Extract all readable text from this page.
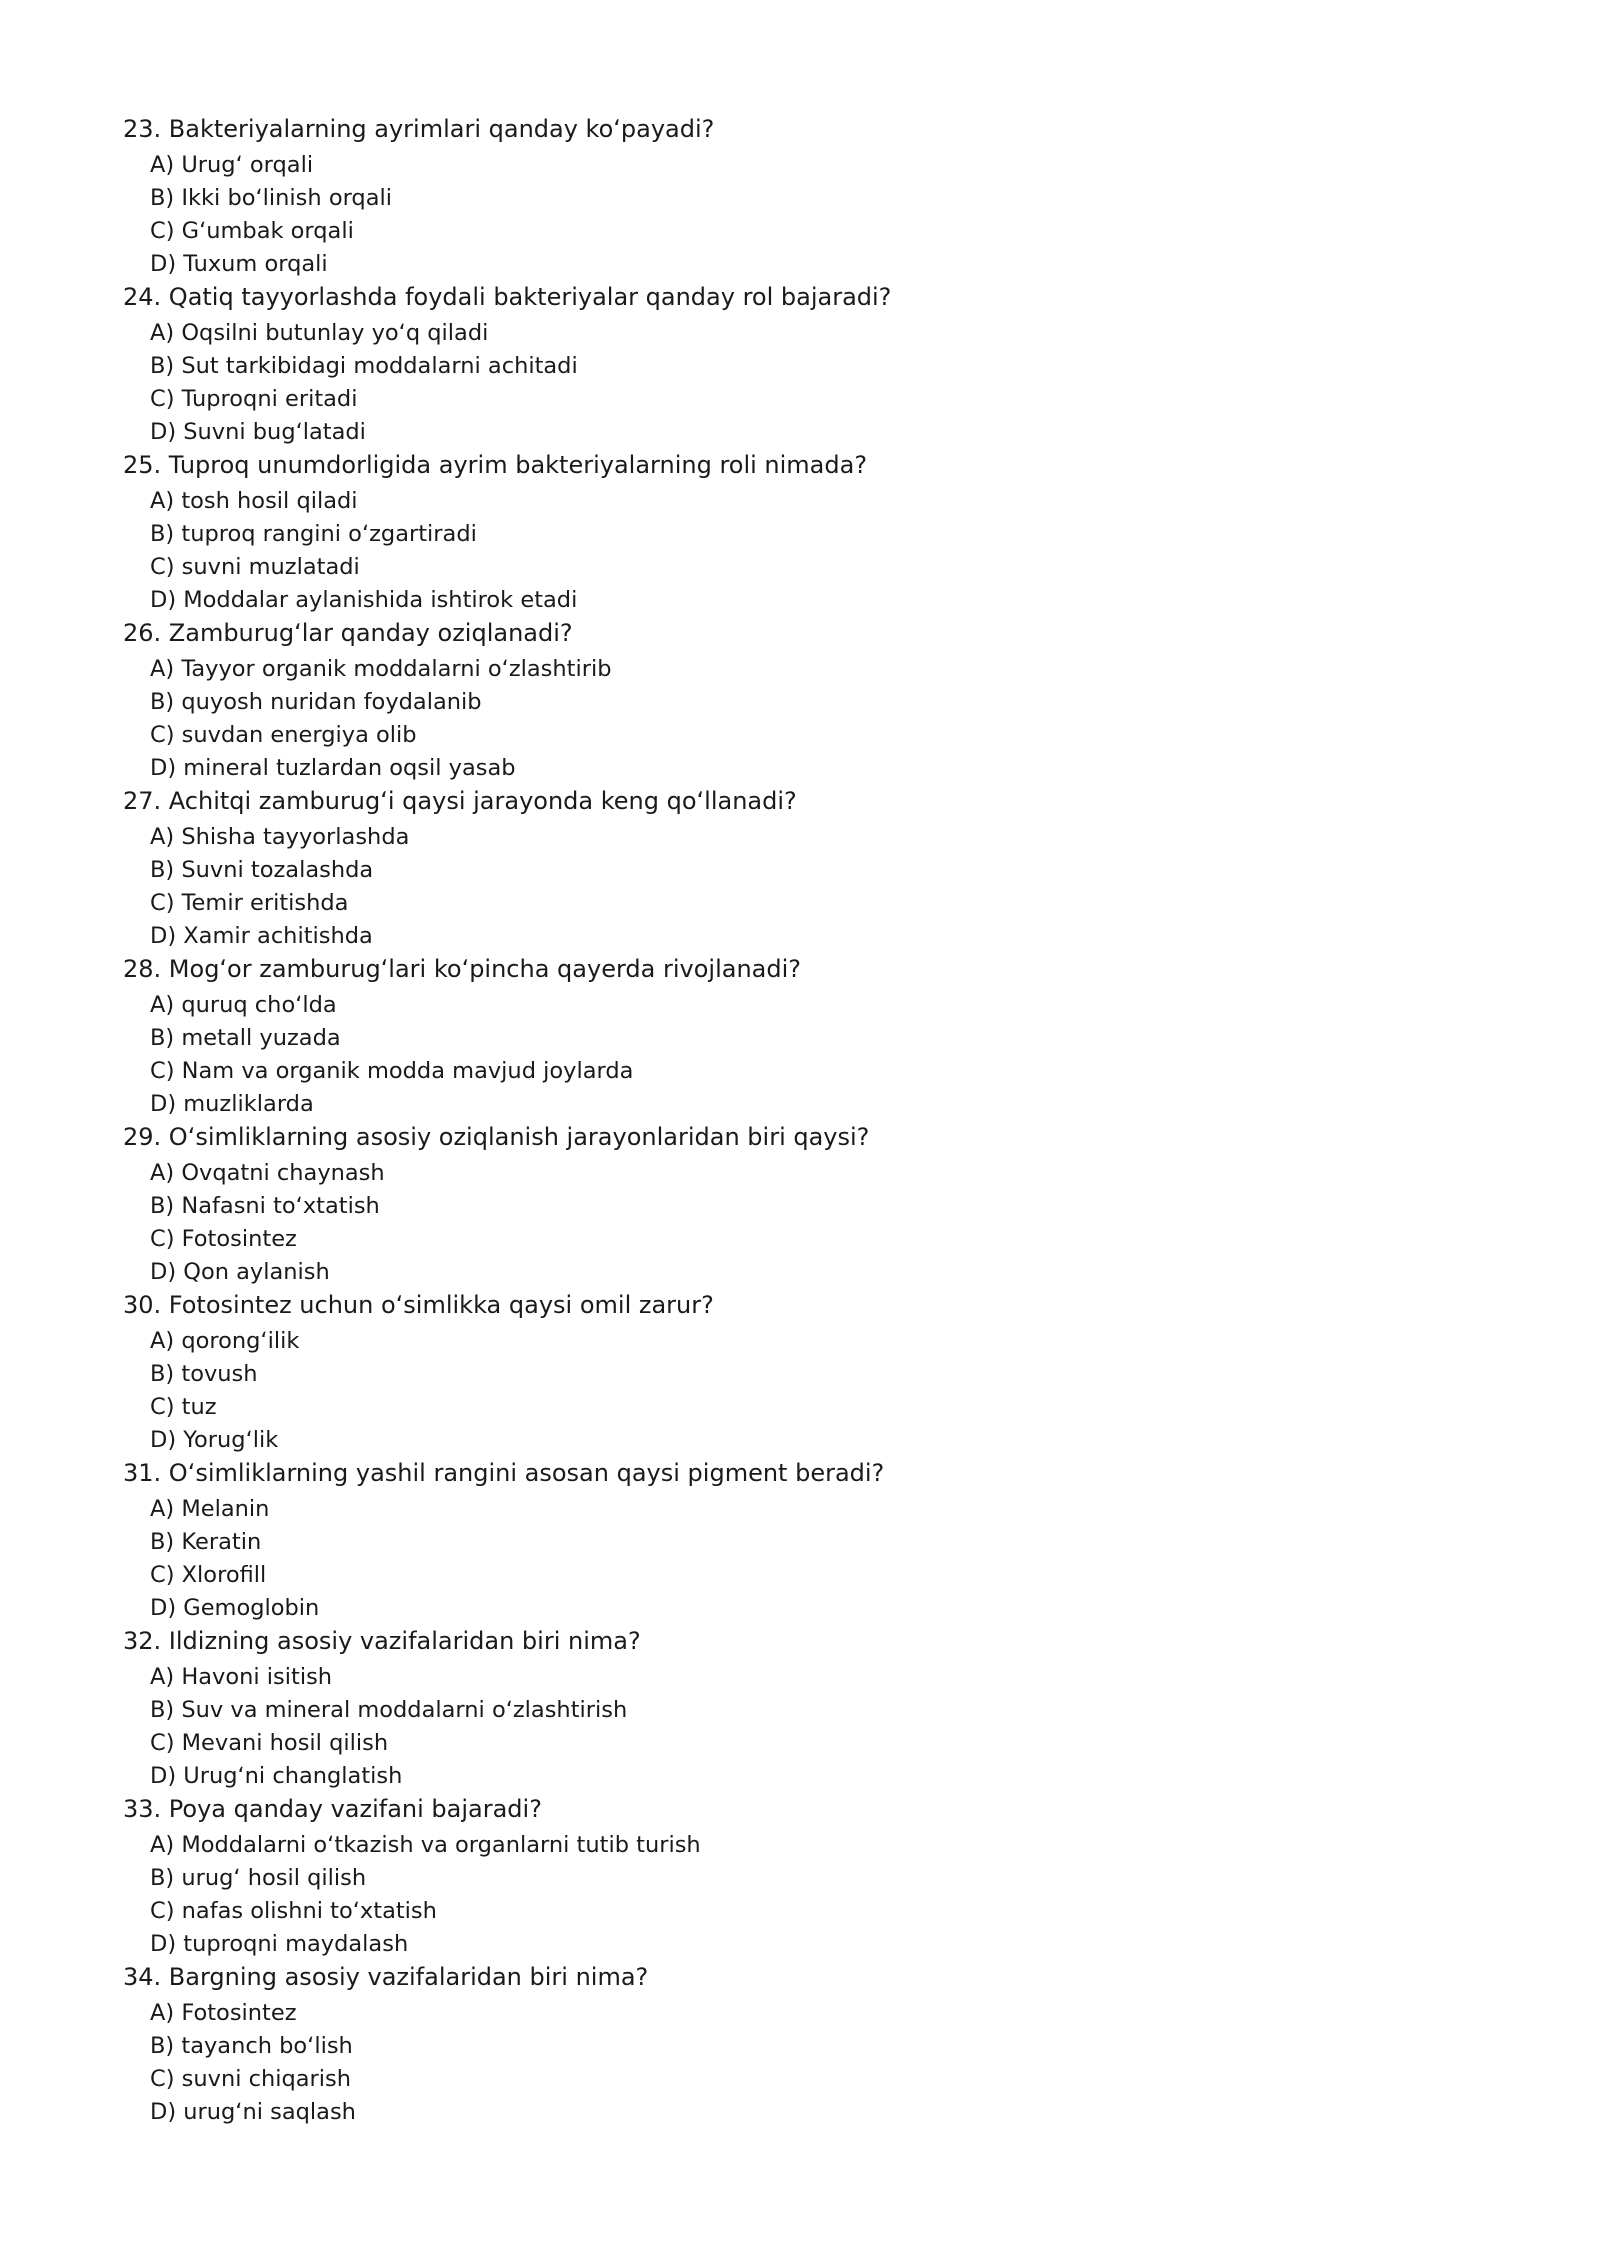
23. Bakteriyalarning ayrimlari qanday koʻpayadi?

A) Urugʻ orqali
B) Ikki boʻlinish orqali
C) Gʻumbak orqali
D) Tuxum orqali

24. Qatiq tayyorlashda foydali bakteriyalar qanday rol bajaradi?

A) Oqsilni butunlay yoʻq qiladi
B) Sut tarkibidagi moddalarni achitadi
C) Tuproqni eritadi
D) Suvni bugʻlatadi

25. Tuproq unumdorligida ayrim bakteriyalarning roli nimada?

A) tosh hosil qiladi
B) tuproq rangini oʻzgartiradi
C) suvni muzlatadi
D) Moddalar aylanishida ishtirok etadi

26. Zamburugʻlar qanday oziqlanadi?

A) Tayyor organik moddalarni oʻzlashtirib
B) quyosh nuridan foydalanib
C) suvdan energiya olib
D) mineral tuzlardan oqsil yasab

27. Achitqi zamburugʻi qaysi jarayonda keng qoʻllanadi?

A) Shisha tayyorlashda
B) Suvni tozalashda
C) Temir eritishda
D) Xamir achitishda

28. Mogʻor zamburugʻlari koʻpincha qayerda rivojlanadi?

A) quruq choʻlda
B) metall yuzada
C) Nam va organik modda mavjud joylarda
D) muzliklarda

29. Oʻsimliklarning asosiy oziqlanish jarayonlaridan biri qaysi?

A) Ovqatni chaynash
B) Nafasni toʻxtatish
C) Fotosintez
D) Qon aylanish

30. Fotosintez uchun oʻsimlikka qaysi omil zarur?

A) qorongʻilik
B) tovush
C) tuz
D) Yorugʻlik

31. Oʻsimliklarning yashil rangini asosan qaysi pigment beradi?

A) Melanin
B) Keratin
C) Xlorofill
D) Gemoglobin

32. Ildizning asosiy vazifalaridan biri nima?

A) Havoni isitish
B) Suv va mineral moddalarni oʻzlashtirish
C) Mevani hosil qilish
D) Urugʻni changlatish

33. Poya qanday vazifani bajaradi?

A) Moddalarni oʻtkazish va organlarni tutib turish
B) urugʻ hosil qilish
C) nafas olishni toʻxtatish
D) tuproqni maydalash

34. Bargning asosiy vazifalaridan biri nima?

A) Fotosintez
B) tayanch boʻlish
C) suvni chiqarish
D) urugʻni saqlash
